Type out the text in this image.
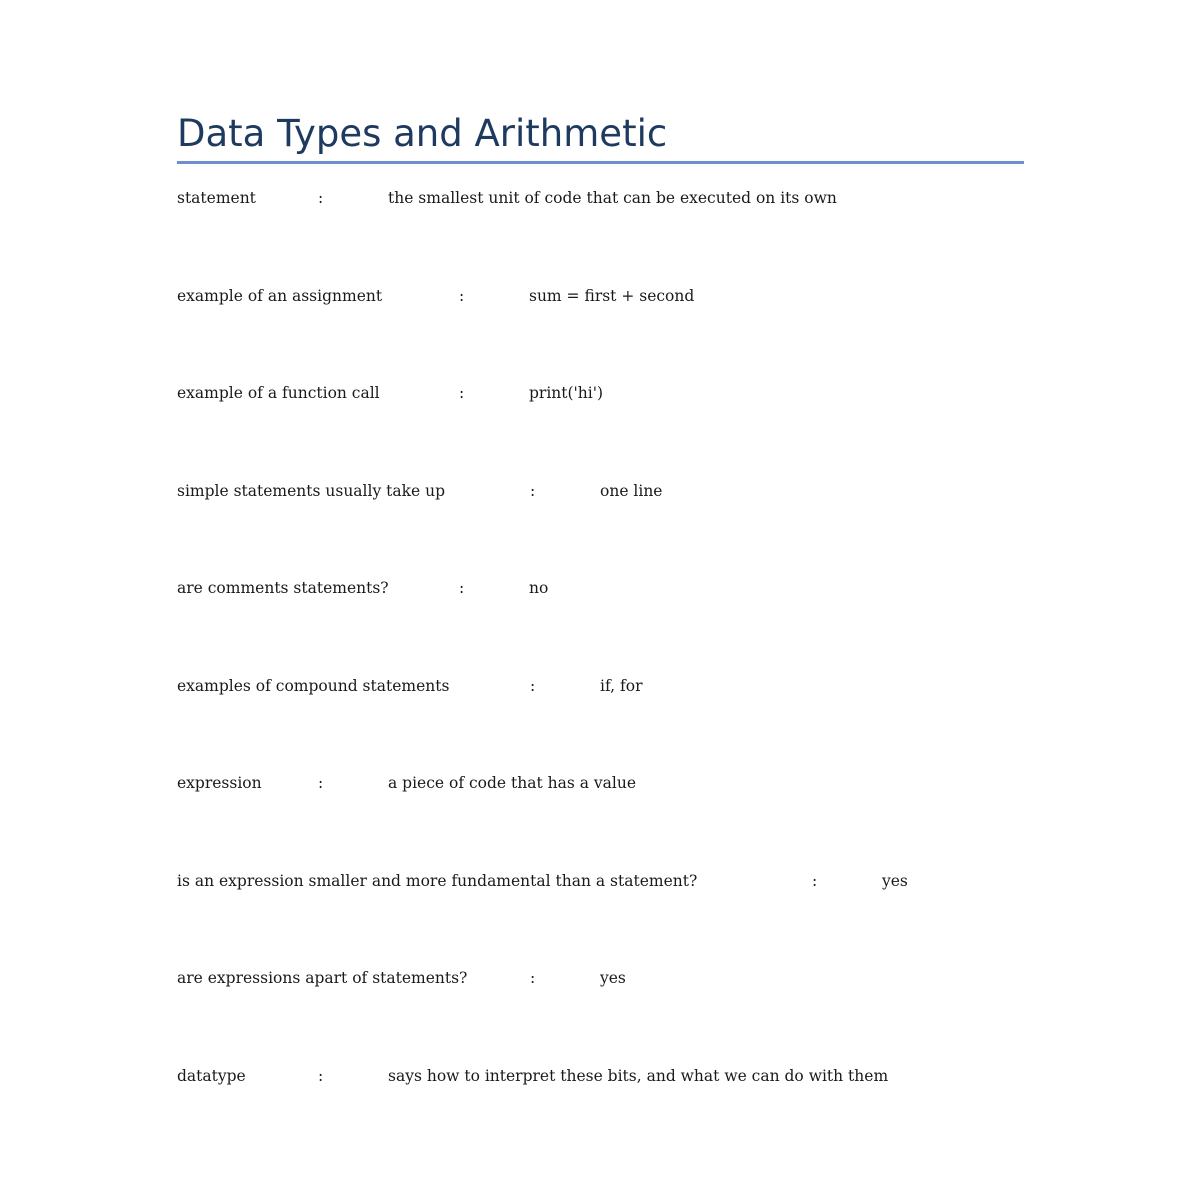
Data Types and Arithmetic
statement	:	the smallest unit of code that can be executed on its own
example of an assignment	:	sum = first + second
example of a function call	:	print('hi')
simple statements usually take up	:	one line
are comments statements?	:	no
examples of compound statements	:	if, for
expression	:	a piece of code that has a value
is an expression smaller and more fundamental than a statement?	:	yes
are expressions apart of statements?	:	yes
datatype	:	says how to interpret these bits, and what we can do with them
